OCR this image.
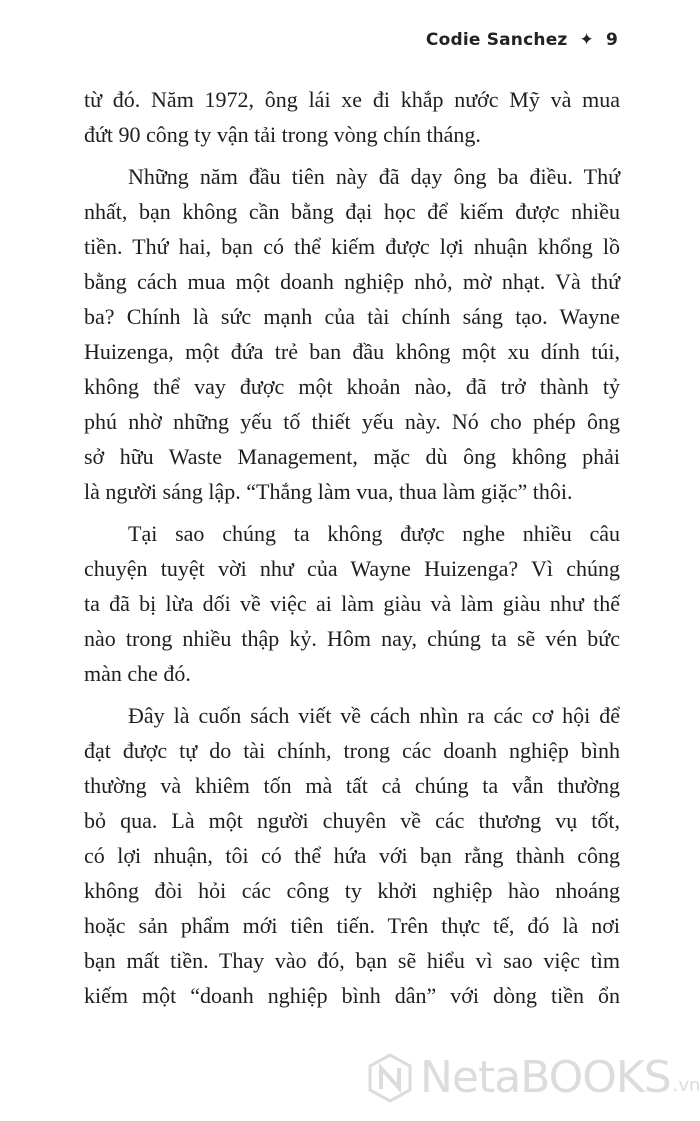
Codie Sanchez ✦ 9
từ đó. Năm 1972, ông lái xe đi khắp nước Mỹ và mua
đứt 90 công ty vận tải trong vòng chín tháng.
Những năm đầu tiên này đã dạy ông ba điều. Thứ
nhất, bạn không cần bằng đại học để kiếm được nhiều
tiền. Thứ hai, bạn có thể kiếm được lợi nhuận khổng lồ
bằng cách mua một doanh nghiệp nhỏ, mờ nhạt. Và thứ
ba? Chính là sức mạnh của tài chính sáng tạo. Wayne
Huizenga, một đứa trẻ ban đầu không một xu dính túi,
không thể vay được một khoản nào, đã trở thành tỷ
phú nhờ những yếu tố thiết yếu này. Nó cho phép ông
sở hữu Waste Management, mặc dù ông không phải
là người sáng lập. “Thắng làm vua, thua làm giặc” thôi.
Tại sao chúng ta không được nghe nhiều câu
chuyện tuyệt vời như của Wayne Huizenga? Vì chúng
ta đã bị lừa dối về việc ai làm giàu và làm giàu như thế
nào trong nhiều thập kỷ. Hôm nay, chúng ta sẽ vén bức
màn che đó.
Đây là cuốn sách viết về cách nhìn ra các cơ hội để
đạt được tự do tài chính, trong các doanh nghiệp bình
thường và khiêm tốn mà tất cả chúng ta vẫn thường
bỏ qua. Là một người chuyên về các thương vụ tốt,
có lợi nhuận, tôi có thể hứa với bạn rằng thành công
không đòi hỏi các công ty khởi nghiệp hào nhoáng
hoặc sản phẩm mới tiên tiến. Trên thực tế, đó là nơi
bạn mất tiền. Thay vào đó, bạn sẽ hiểu vì sao việc tìm
kiếm một “doanh nghiệp bình dân” với dòng tiền ổn
NetaBOOKS .vn
